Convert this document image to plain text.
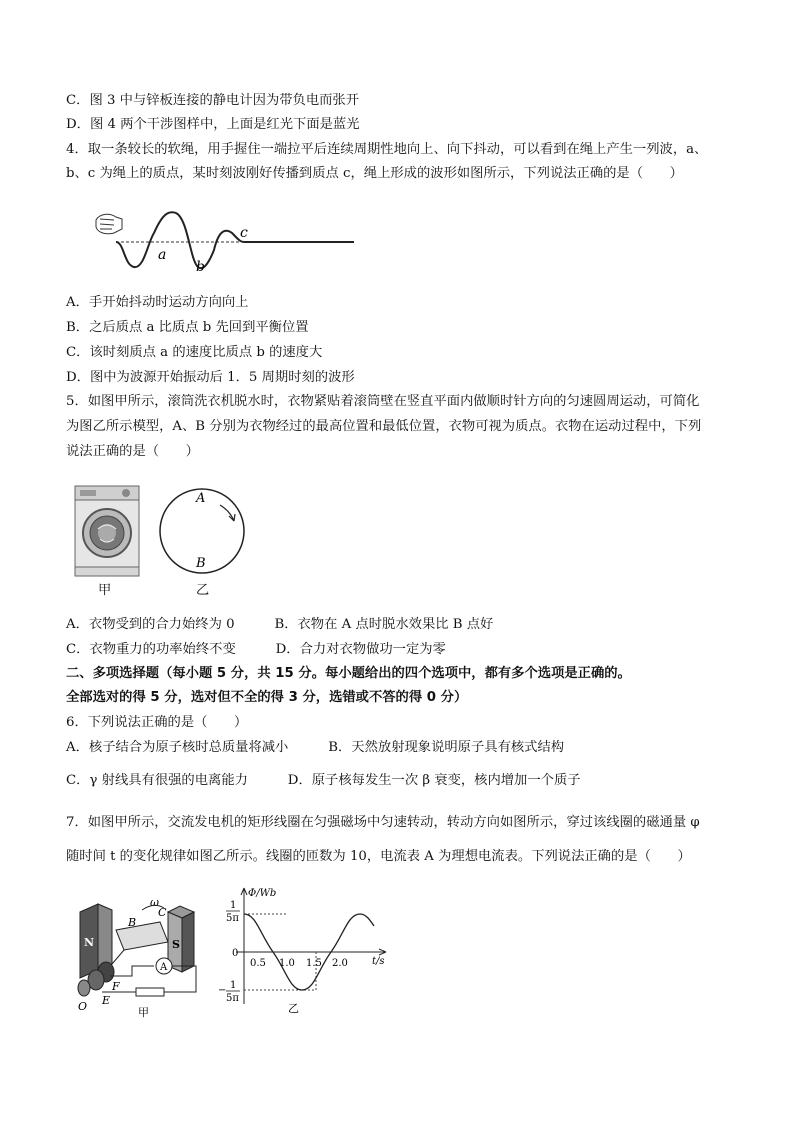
C．图 3 中与锌板连接的静电计因为带负电而张开
D．图 4 两个干涉图样中，上面是红光下面是蓝光
4．取一条较长的软绳，用手握住一端拉平后连续周期性地向上、向下抖动，可以看到在绳上产生一列波，a、
b、c 为绳上的质点，某时刻波刚好传播到质点 c，绳上形成的波形如图所示，下列说法正确的是（　　）
a
b
c
A．手开始抖动时运动方向向上
B．之后质点 a 比质点 b 先回到平衡位置
C．该时刻质点 a 的速度比质点 b 的速度大
D．图中为波源开始振动后 1．5 周期时刻的波形
5．如图甲所示，滚筒洗衣机脱水时，衣物紧贴着滚筒壁在竖直平面内做顺时针方向的匀速圆周运动，可简化
为图乙所示模型，A、B 分别为衣物经过的最高位置和最低位置，衣物可视为质点。衣物在运动过程中，下列
说法正确的是（　　）
甲
A
B
乙
A．衣物受到的合力始终为 0　　　B．衣物在 A 点时脱水效果比 B 点好
C．衣物重力的功率始终不变　　　D．合力对衣物做功一定为零
二、多项选择题（每小题 5 分，共 15 分。每小题给出的四个选项中，都有多个选项是正确的。
全部选对的得 5 分，选对但不全的得 3 分，选错或不答的得 0 分）
6．下列说法正确的是（　　）
A．核子结合为原子核时总质量将减小　　　B．天然放射现象说明原子具有核式结构
C．γ 射线具有很强的电离能力　　　D．原子核每发生一次 β 衰变，核内增加一个质子
7．如图甲所示，交流发电机的矩形线圈在匀强磁场中匀速转动，转动方向如图所示，穿过该线圈的磁通量 φ
随时间 t 的变化规律如图乙所示。线圈的匝数为 10，电流表 A 为理想电流表。下列说法正确的是（　　）
N	S
B
C
ω
O
F
E
A
甲
Φ/Wb
t/s
1
5π
0
− 1
5π
0.5 1.0 1.5 2.0
乙
